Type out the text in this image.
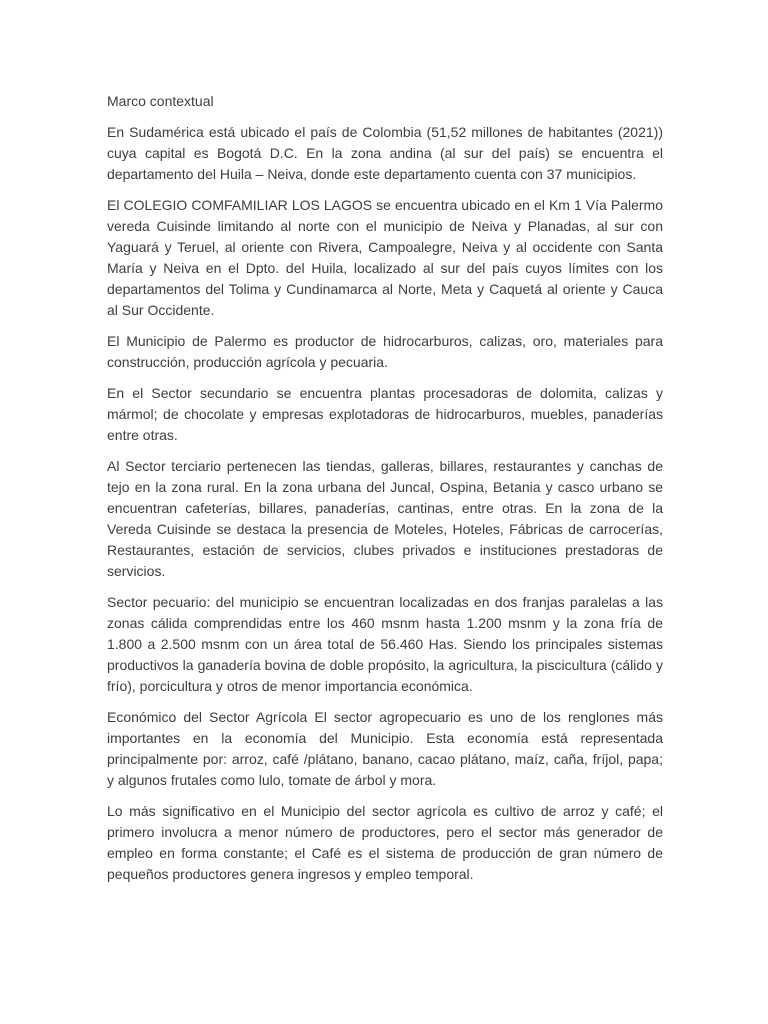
Marco contextual

En Sudamérica está ubicado el país de Colombia (51,52 millones de habitantes (2021)) cuya capital es Bogotá D.C. En la zona andina (al sur del país) se encuentra el departamento del Huila – Neiva, donde este departamento cuenta con 37 municipios.

El COLEGIO COMFAMILIAR LOS LAGOS se encuentra ubicado en el Km 1 Vía Palermo vereda Cuisinde limitando al norte con el municipio de Neiva y Planadas, al sur con Yaguará y Teruel, al oriente con Rivera, Campoalegre, Neiva y al occidente con Santa María y Neiva en el Dpto. del Huila, localizado al sur del país cuyos límites con los departamentos del Tolima y Cundinamarca al Norte, Meta y Caquetá al oriente y Cauca al Sur Occidente.

El Municipio de Palermo es productor de hidrocarburos, calizas, oro, materiales para construcción, producción agrícola y pecuaria.

En el Sector secundario se encuentra plantas procesadoras de dolomita, calizas y mármol; de chocolate y empresas explotadoras de hidrocarburos, muebles, panaderías entre otras.

Al Sector terciario pertenecen las tiendas, galleras, billares, restaurantes y canchas de tejo en la zona rural. En la zona urbana del Juncal, Ospina, Betania y casco urbano se encuentran cafeterías, billares, panaderías, cantinas, entre otras. En la zona de la Vereda Cuisinde se destaca la presencia de Moteles, Hoteles, Fábricas de carrocerías, Restaurantes, estación de servicios, clubes privados e instituciones prestadoras de servicios.

Sector pecuario: del municipio se encuentran localizadas en dos franjas paralelas a las zonas cálida comprendidas entre los 460 msnm hasta 1.200 msnm y la zona fría de 1.800 a 2.500 msnm con un área total de 56.460 Has. Siendo los principales sistemas productivos la ganadería bovina de doble propósito, la agricultura, la piscicultura (cálido y frío), porcicultura y otros de menor importancia económica.

Económico del Sector Agrícola El sector agropecuario es uno de los renglones más importantes en la economía del Municipio. Esta economía está representada principalmente por: arroz, café /plátano, banano, cacao plátano, maíz, caña, fríjol, papa; y algunos frutales como lulo, tomate de árbol y mora.

Lo más significativo en el Municipio del sector agrícola es cultivo de arroz y café; el primero involucra a menor número de productores, pero el sector más generador de empleo en forma constante; el Café es el sistema de producción de gran número de pequeños productores genera ingresos y empleo temporal.
